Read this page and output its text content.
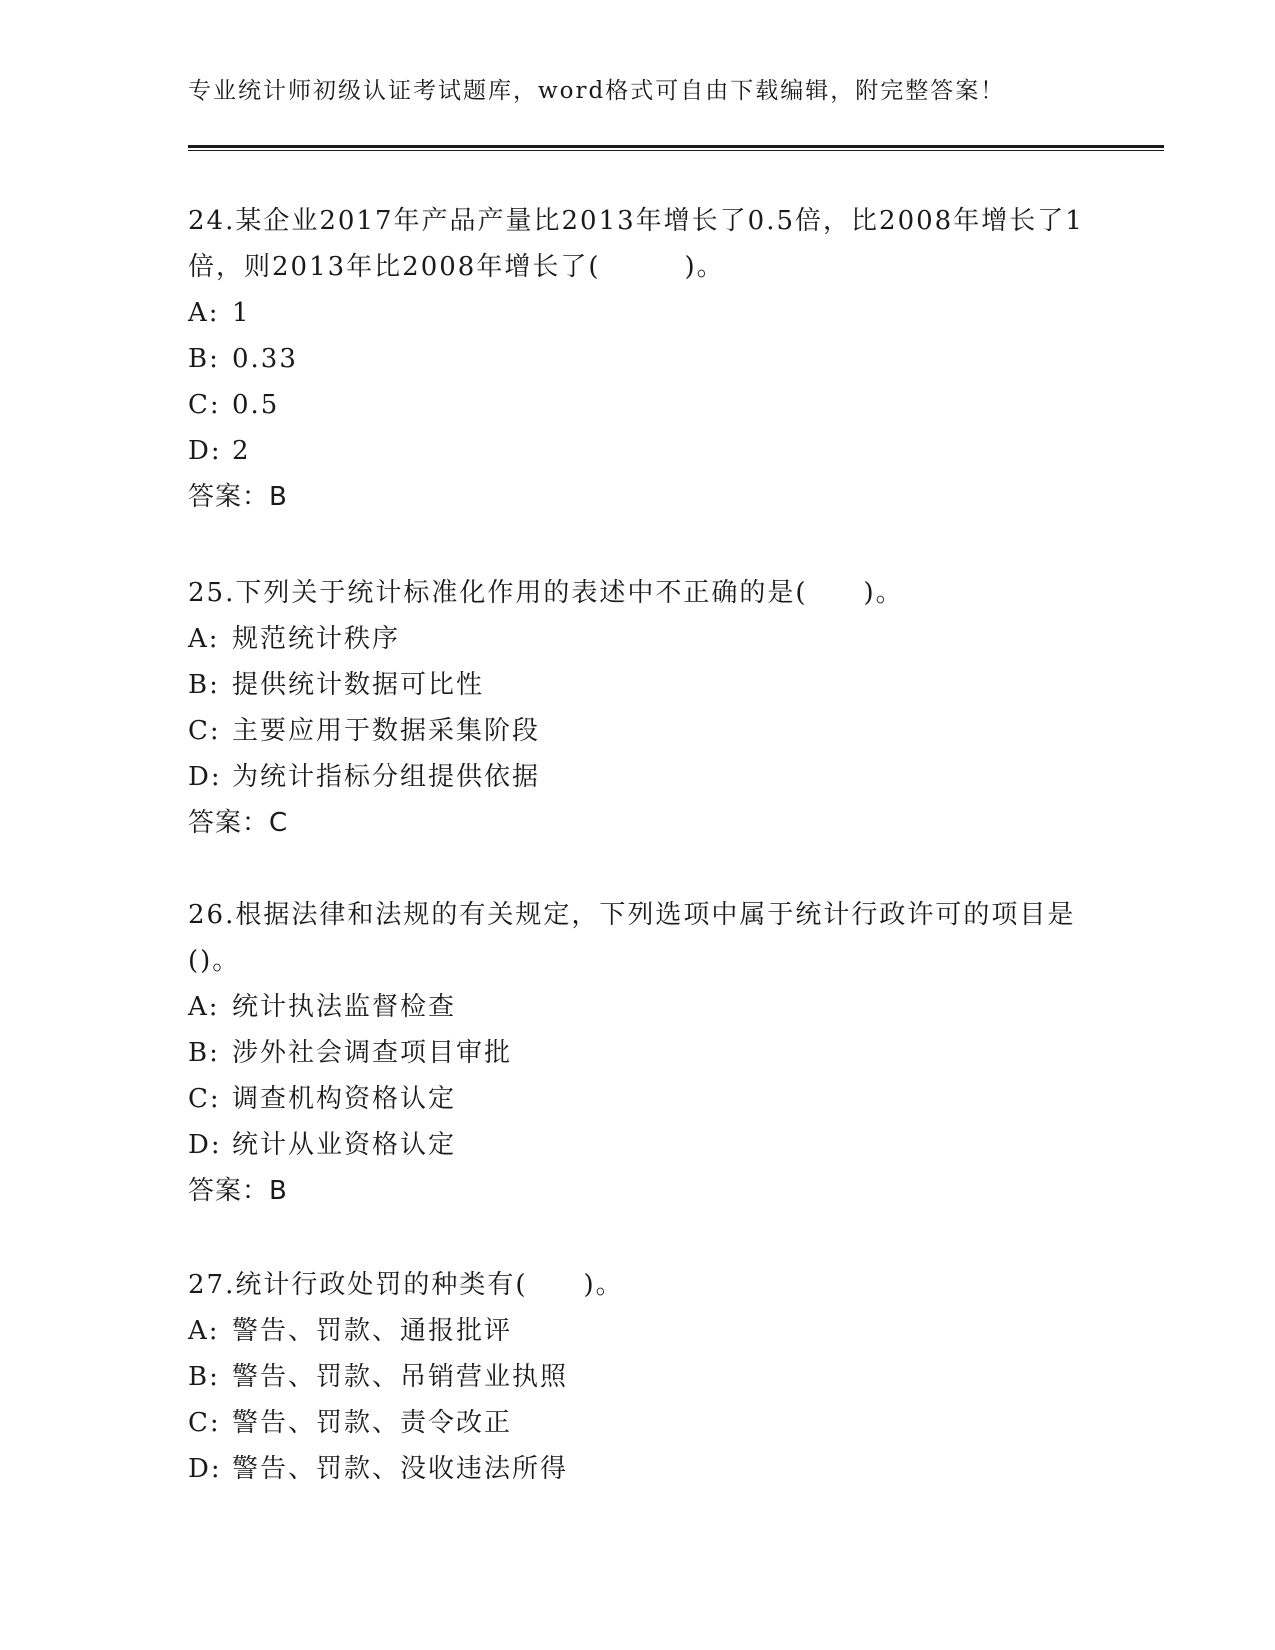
专业统计师初级认证考试题库，word格式可自由下载编辑，附完整答案！

24.某企业2017年产品产量比2013年增长了0.5倍，比2008年增长了1倍，则2013年比2008年增长了(　　　)。

A: 1
B: 0.33
C: 0.5
D: 2
答案：B

25.下列关于统计标准化作用的表述中不正确的是(　　)。

A: 规范统计秩序
B: 提供统计数据可比性
C: 主要应用于数据采集阶段
D: 为统计指标分组提供依据
答案：C

26.根据法律和法规的有关规定，下列选项中属于统计行政许可的项目是()。

A: 统计执法监督检查
B: 涉外社会调查项目审批
C: 调查机构资格认定
D: 统计从业资格认定
答案：B

27.统计行政处罚的种类有(　　)。

A: 警告、罚款、通报批评
B: 警告、罚款、吊销营业执照
C: 警告、罚款、责令改正
D: 警告、罚款、没收违法所得
